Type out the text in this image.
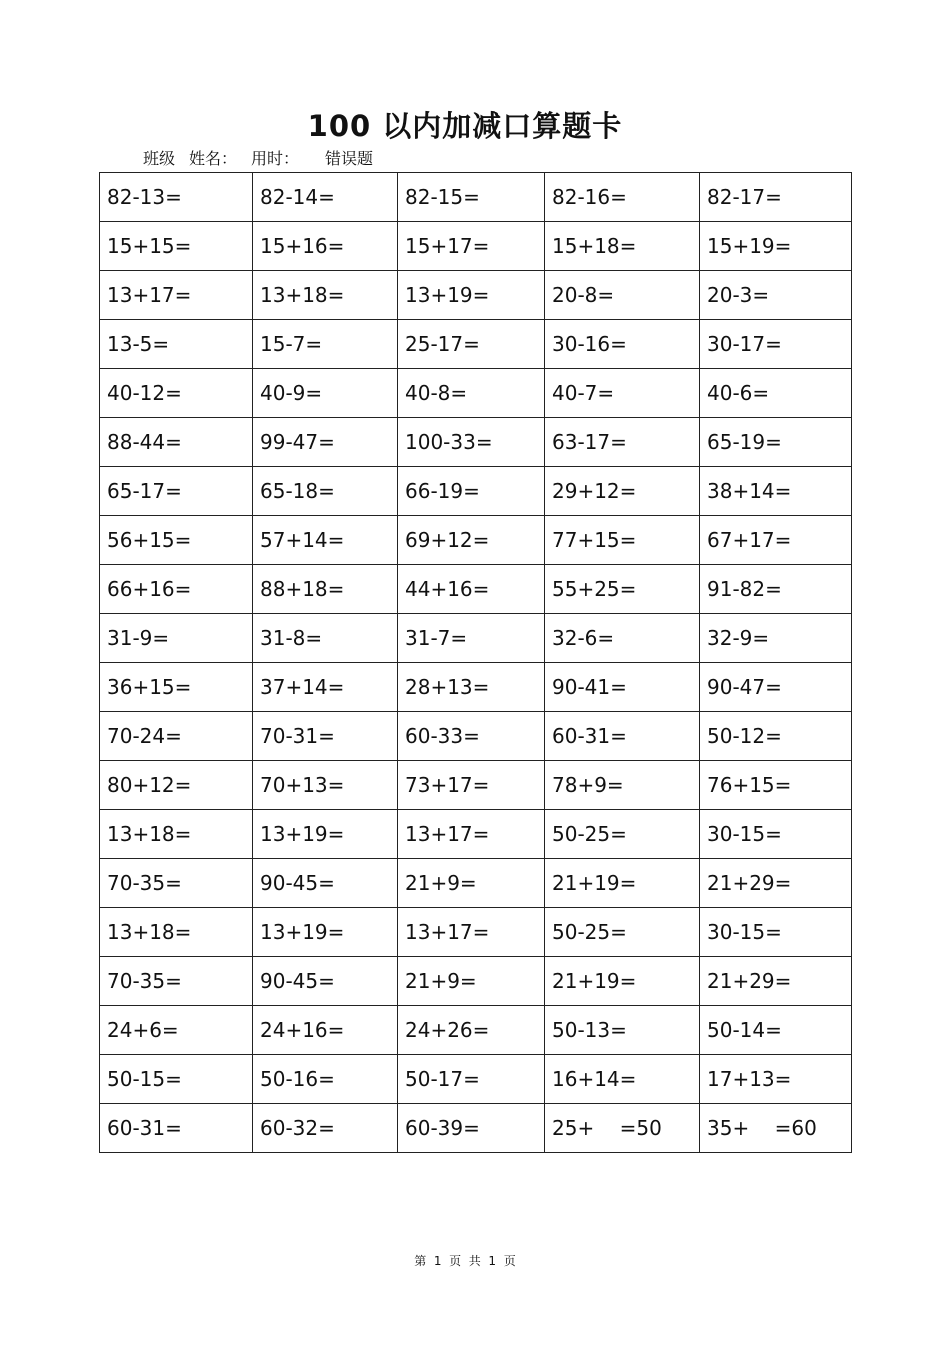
100 以内加减口算题卡
班级 姓名： 用时： 错误题
82-13=	82-14=	82-15=	82-16=	82-17=
15+15=	15+16=	15+17=	15+18=	15+19=
13+17=	13+18=	13+19=	20-8=	20-3=
13-5=	15-7=	25-17=	30-16=	30-17=
40-12=	40-9=	40-8=	40-7=	40-6=
88-44=	99-47=	100-33=	63-17=	65-19=
65-17=	65-18=	66-19=	29+12=	38+14=
56+15=	57+14=	69+12=	77+15=	67+17=
66+16=	88+18=	44+16=	55+25=	91-82=
31-9=	31-8=	31-7=	32-6=	32-9=
36+15=	37+14=	28+13=	90-41=	90-47=
70-24=	70-31=	60-33=	60-31=	50-12=
80+12=	70+13=	73+17=	78+9=	76+15=
13+18=	13+19=	13+17=	50-25=	30-15=
70-35=	90-45=	21+9=	21+19=	21+29=
13+18=	13+19=	13+17=	50-25=	30-15=
70-35=	90-45=	21+9=	21+19=	21+29=
24+6=	24+16=	24+26=	50-13=	50-14=
50-15=	50-16=	50-17=	16+14=	17+13=
60-31=	60-32=	60-39=	25+    =50	35+    =60
第  1  页  共  1  页
